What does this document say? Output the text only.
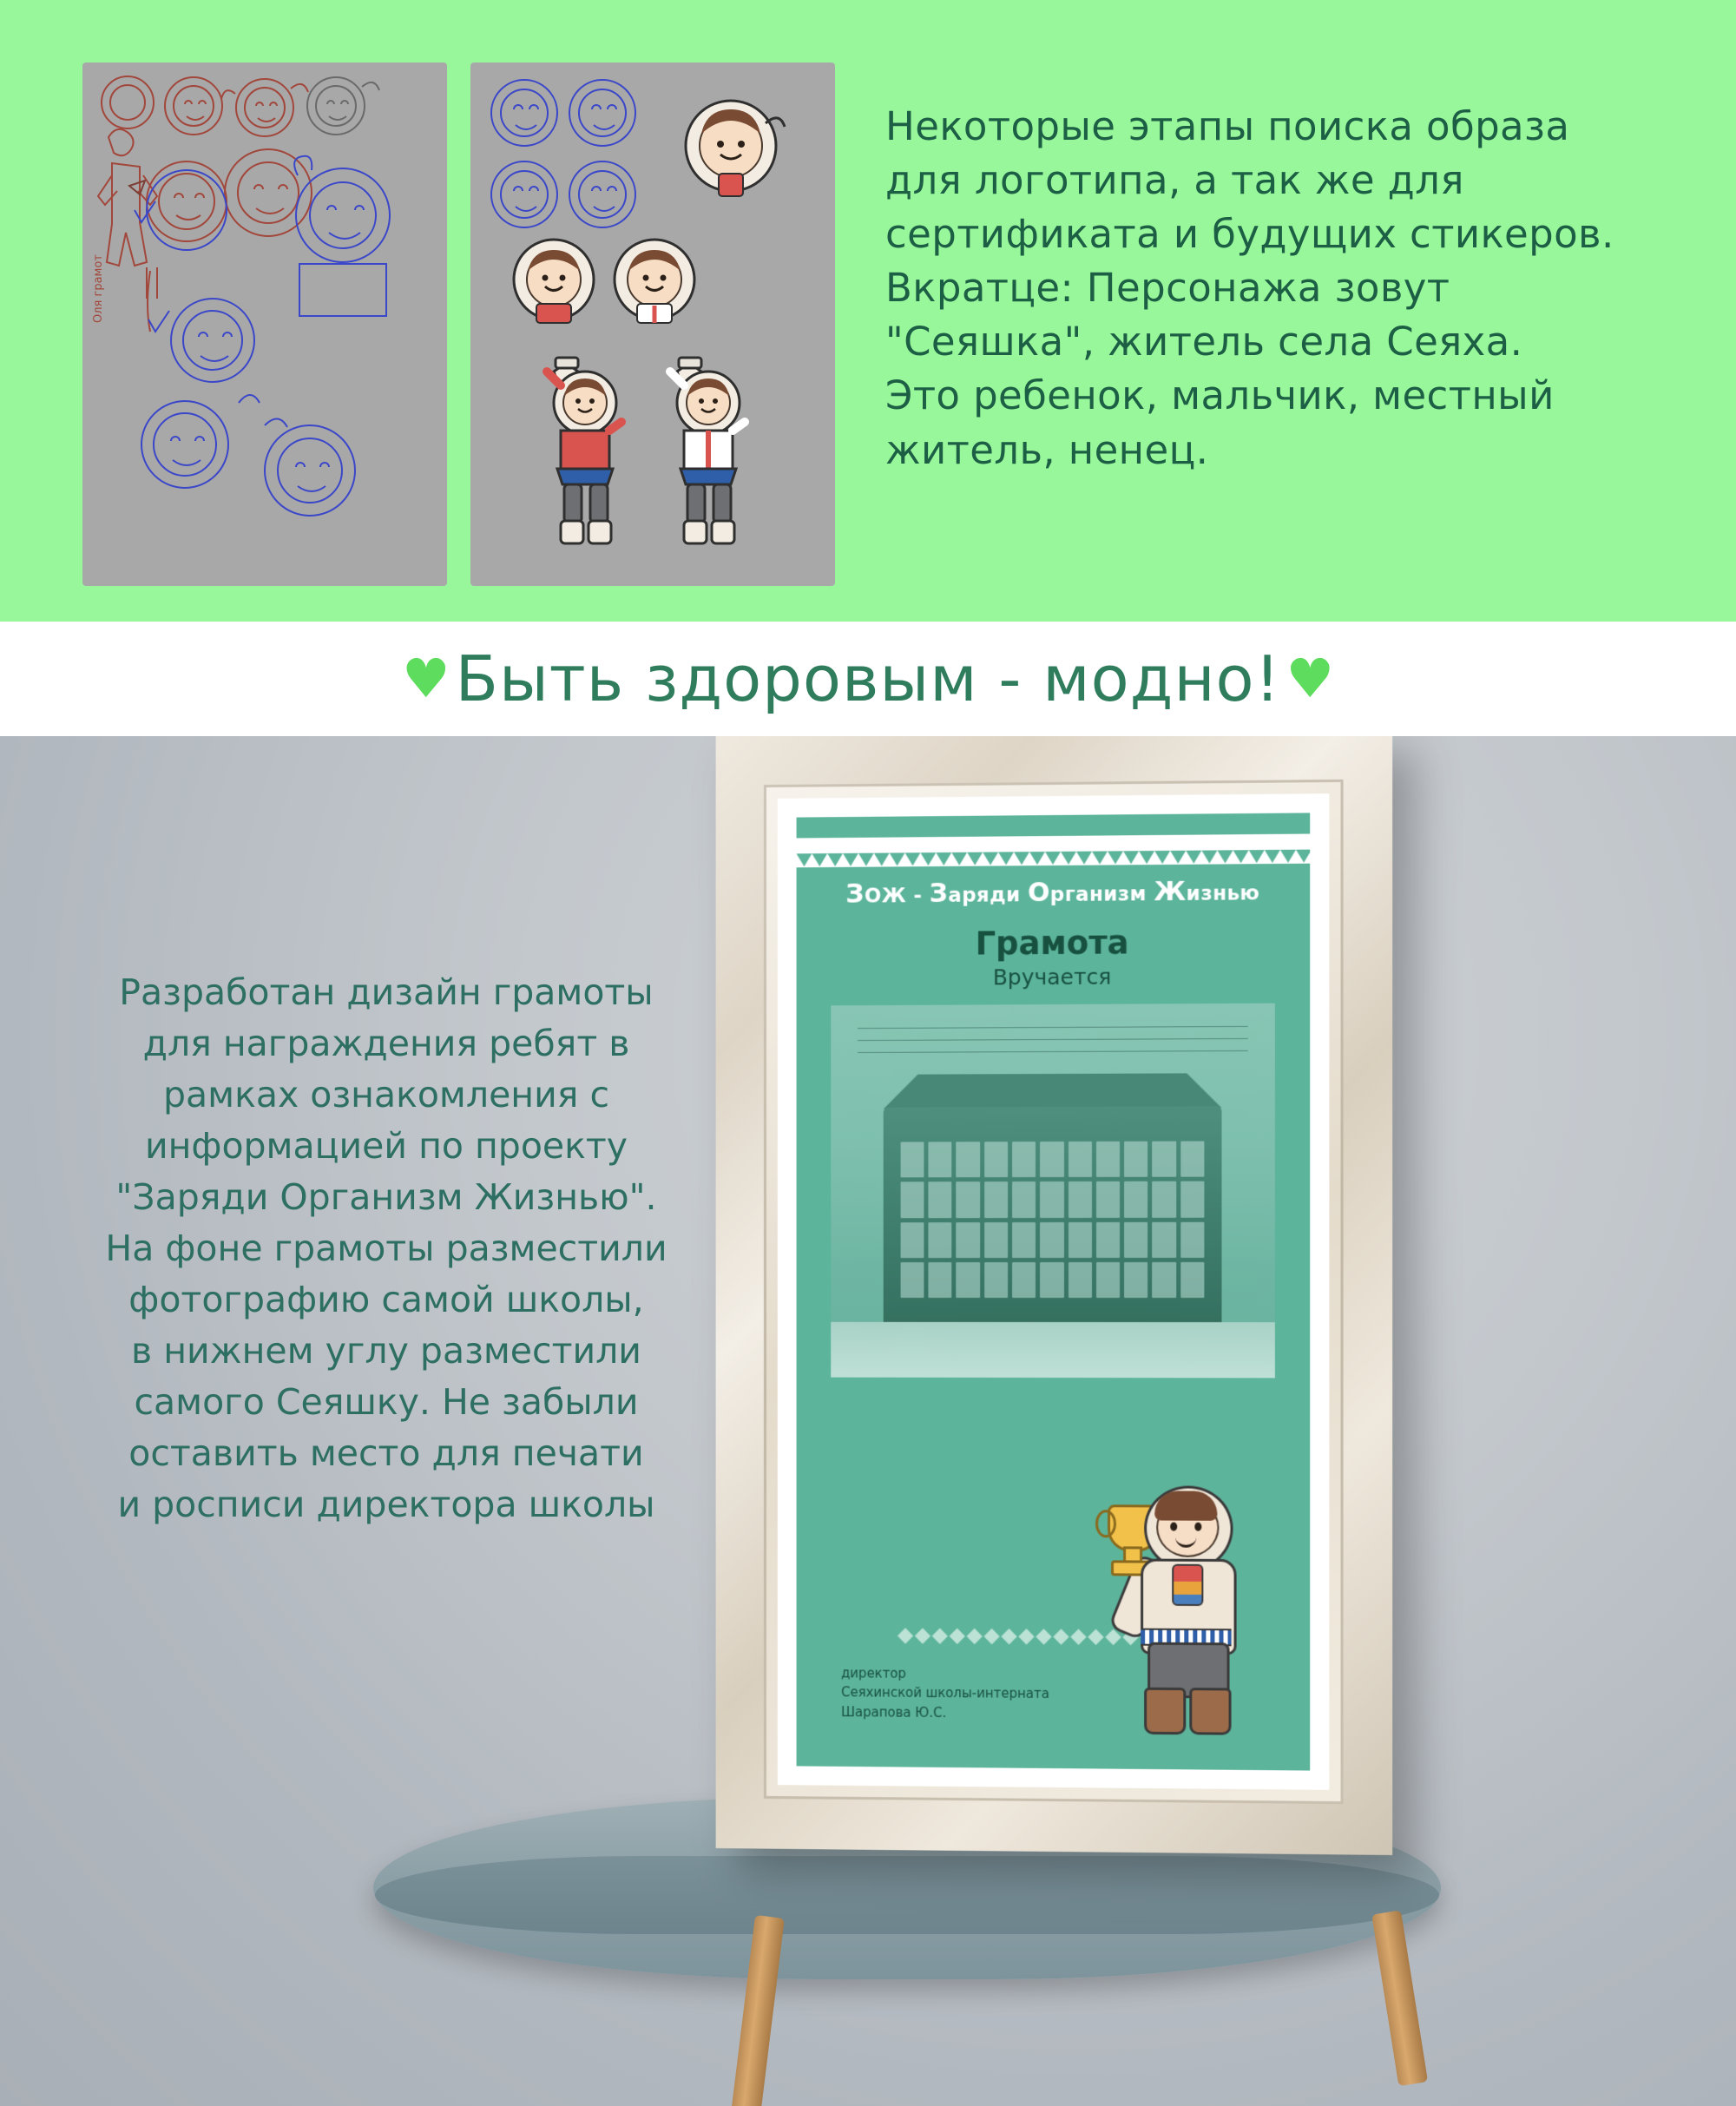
Оля грамот

Некоторые этапы поиска образа

для логотипа, а так же для

сертификата и будущих стикеров.

Вкратце: Персонажа зовут

"Сеяшка", житель села Сеяха.

Это ребенок, мальчик, местный

житель, ненец.

♥ Быть здоровым - модно! ♥

Разработан дизайн грамоты

для награждения ребят в

рамках ознакомления с

информацией по проекту

"Заряди Организм Жизнью".

На фоне грамоты разместили

фотографию самой школы,

в нижнем углу разместили

самого Сеяшку. Не забыли

оставить место для печати

и росписи директора школы

ЗОЖ - Заряди Организм Жизнью
Грамота
Вручается
директор
Сеяхинской школы-интерната
Шарапова Ю.С.
